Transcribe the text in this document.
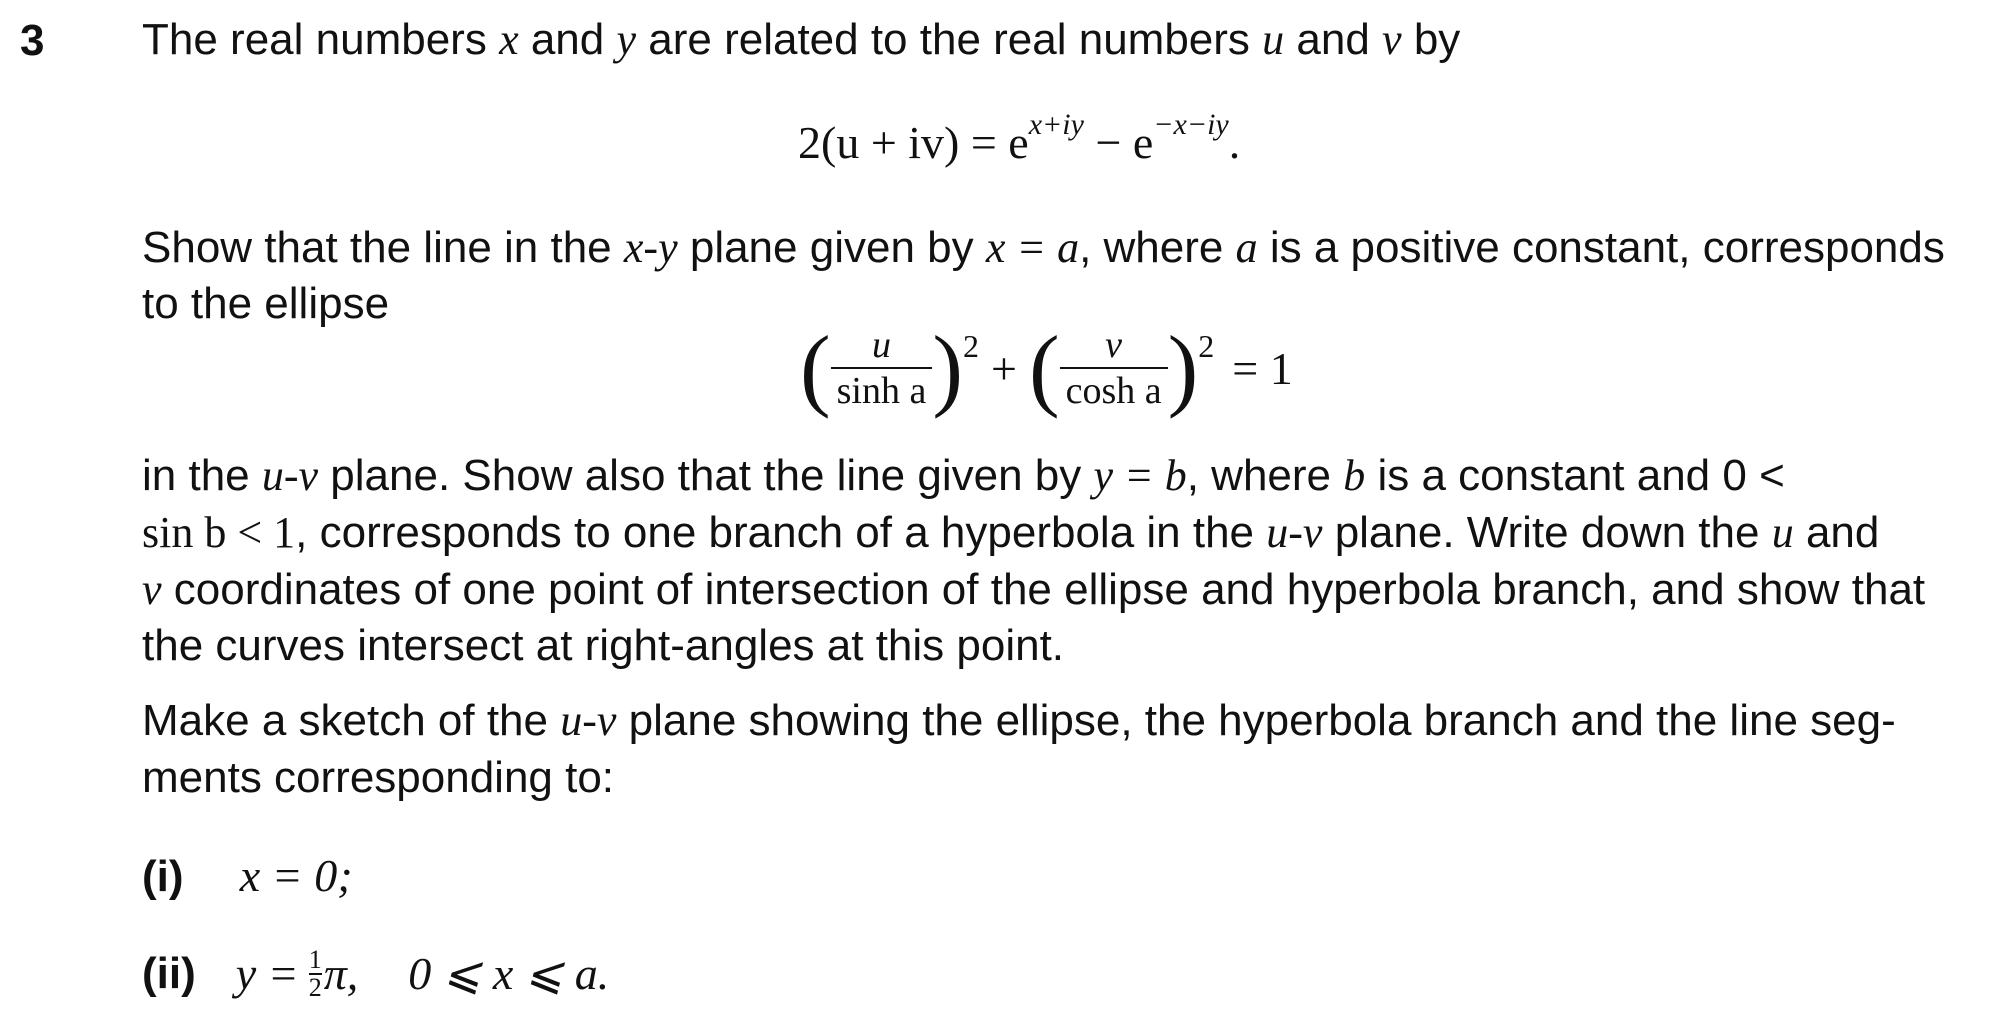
3 The real numbers x and y are related to the real numbers u and v by
$2(u + iv) = e^{x+iy} - e^{-x-iy}$.
Show that the line in the x-y plane given by x = a, where a is a positive constant, corresponds
to the ellipse
( $\frac{u}{\text{sinh a}}$ ) 2 + ( $\frac{v}{\text{cosh a}}$ ) 2 = 1
in the u-v plane. Show also that the line given by y = b, where b is a constant and 0 <
sin b < 1, corresponds to one branch of a hyperbola in the u-v plane. Write down the u and
v coordinates of one point of intersection of the ellipse and hyperbola branch, and show that
the curves intersect at right-angles at this point.
Make a sketch of the u-v plane showing the ellipse, the hyperbola branch and the line seg-
ments corresponding to:
(i) x = 0;
(ii) $y = \frac{1}{2} \pi$, 0 ⩽ x ⩽ a.
